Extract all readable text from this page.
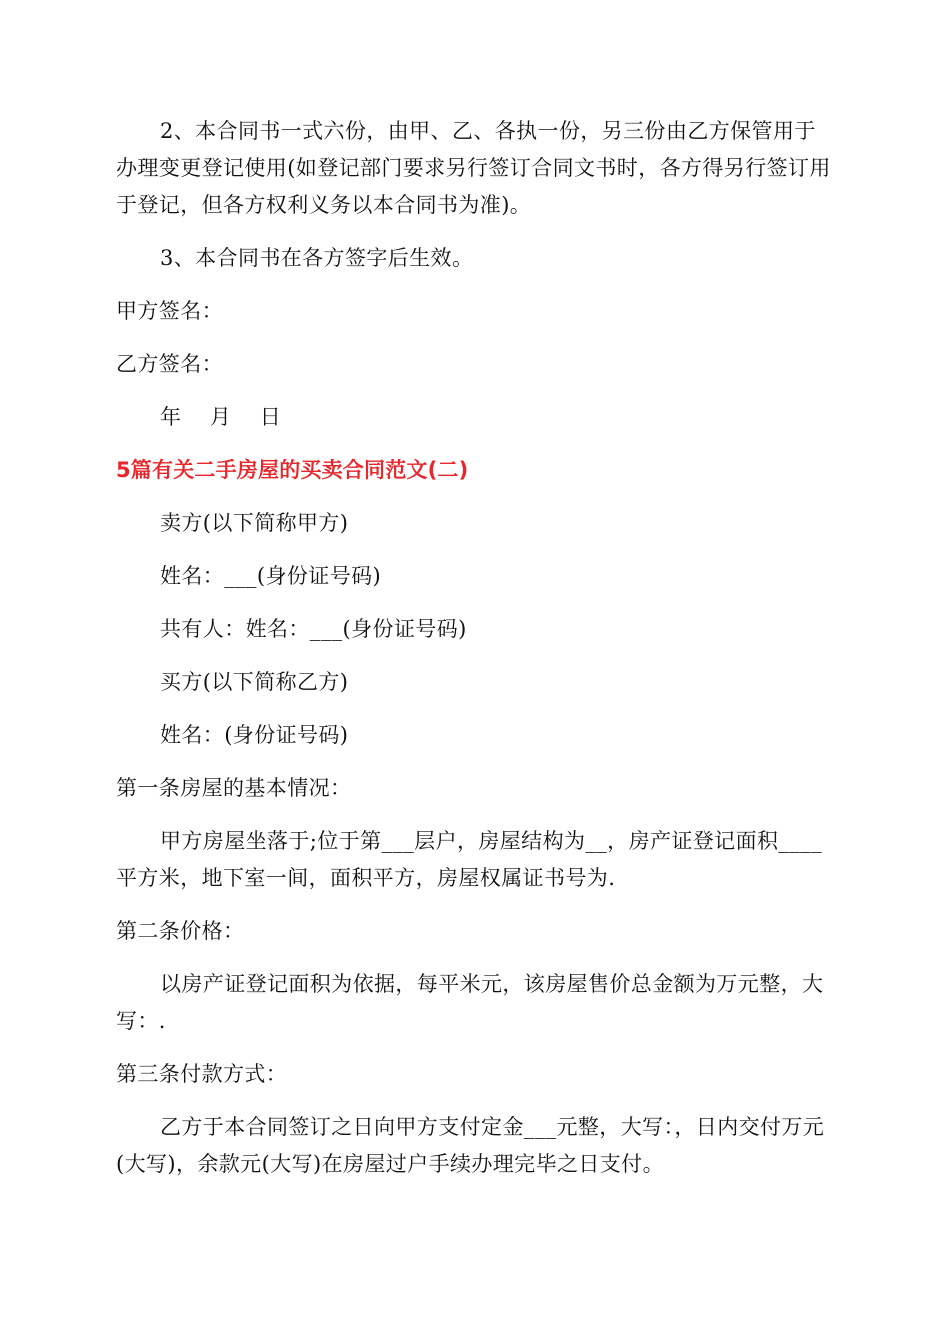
2、本合同书一式六份，由甲、乙、各执一份，另三份由乙方保管用于办理变更登记使用(如登记部门要求另行签订合同文书时，各方得另行签订用于登记，但各方权利义务以本合同书为准)。

3、本合同书在各方签字后生效。

甲方签名：

乙方签名：

年　 月　 日

5篇有关二手房屋的买卖合同范文(二)

卖方(以下简称甲方)

姓名：___(身份证号码)

共有人：姓名：___(身份证号码)

买方(以下简称乙方)

姓名：(身份证号码)

第一条房屋的基本情况：

甲方房屋坐落于;位于第___层户，房屋结构为__，房产证登记面积____平方米，地下室一间，面积平方，房屋权属证书号为.

第二条价格：

以房产证登记面积为依据，每平米元，该房屋售价总金额为万元整，大写：.

第三条付款方式：

乙方于本合同签订之日向甲方支付定金___元整，大写：，日内交付万元(大写)，余款元(大写)在房屋过户手续办理完毕之日支付。
